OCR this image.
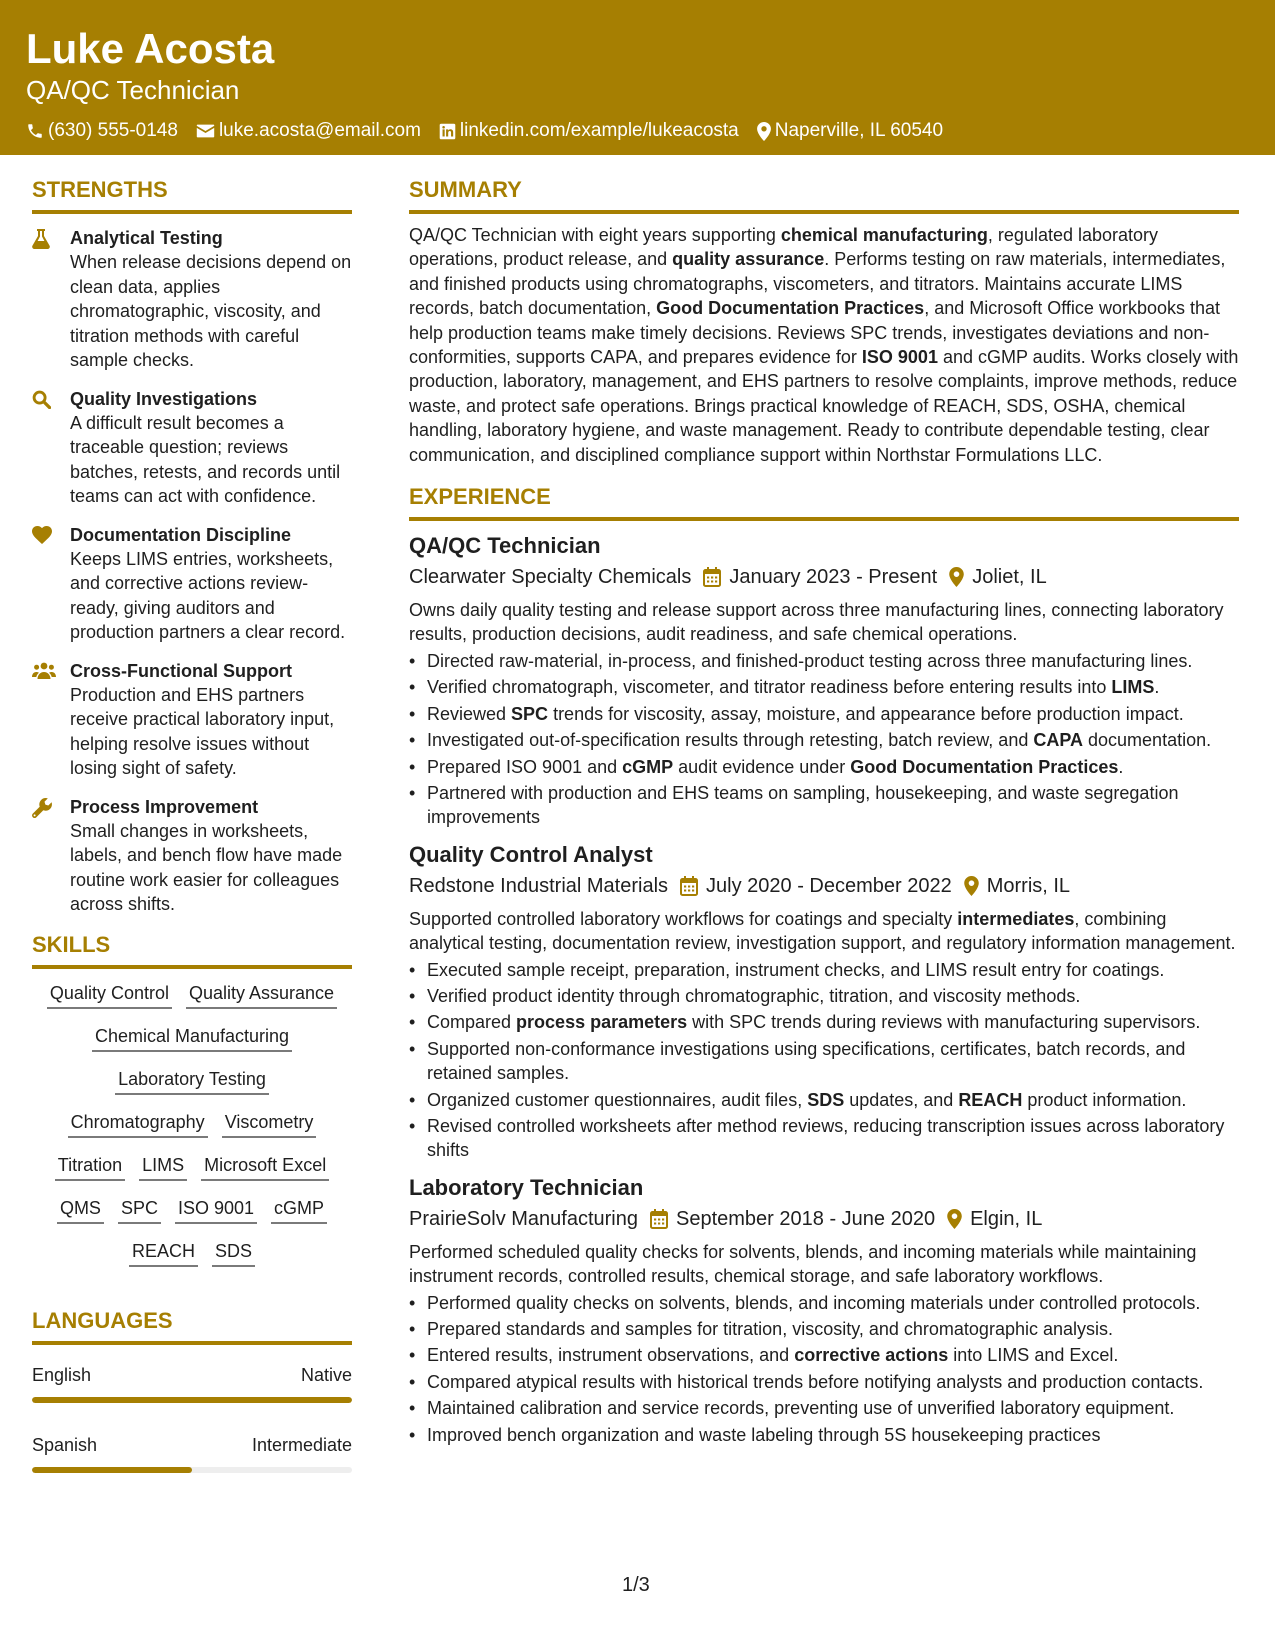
Luke Acosta
QA/QC Technician
(630) 555-0148 luke.acosta@email.com linkedin.com/example/lukeacosta Naperville, IL 60540
STRENGTHS
Analytical Testing
When release decisions depend on clean data, applies chromatographic, viscosity, and titration methods with careful sample checks.
Quality Investigations
A difficult result becomes a traceable question; reviews batches, retests, and records until teams can act with confidence.
Documentation Discipline
Keeps LIMS entries, worksheets, and corrective actions review-ready, giving auditors and production partners a clear record.
Cross-Functional Support
Production and EHS partners receive practical laboratory input, helping resolve issues without losing sight of safety.
Process Improvement
Small changes in worksheets, labels, and bench flow have made routine work easier for colleagues across shifts.
SKILLS
Quality Control Quality Assurance
Chemical Manufacturing
Laboratory Testing
Chromatography Viscometry
Titration LIMS Microsoft Excel
QMS SPC ISO 9001 cGMP
REACH SDS
LANGUAGES
English	Native
Spanish	Intermediate
SUMMARY
QA/QC Technician with eight years supporting chemical manufacturing, regulated laboratory operations, product release, and quality assurance. Performs testing on raw materials, intermediates, and finished products using chromatographs, viscometers, and titrators. Maintains accurate LIMS records, batch documentation, Good Documentation Practices, and Microsoft Office workbooks that help production teams make timely decisions. Reviews SPC trends, investigates deviations and non-conformities, supports CAPA, and prepares evidence for ISO 9001 and cGMP audits. Works closely with production, laboratory, management, and EHS partners to resolve complaints, improve methods, reduce waste, and protect safe operations. Brings practical knowledge of REACH, SDS, OSHA, chemical handling, laboratory hygiene, and waste management. Ready to contribute dependable testing, clear communication, and disciplined compliance support within Northstar Formulations LLC.
EXPERIENCE
QA/QC Technician
Clearwater Specialty Chemicals January 2023 - Present Joliet, IL
Owns daily quality testing and release support across three manufacturing lines, connecting laboratory results, production decisions, audit readiness, and safe chemical operations.
• Directed raw-material, in-process, and finished-product testing across three manufacturing lines.
• Verified chromatograph, viscometer, and titrator readiness before entering results into LIMS.
• Reviewed SPC trends for viscosity, assay, moisture, and appearance before production impact.
• Investigated out-of-specification results through retesting, batch review, and CAPA documentation.
• Prepared ISO 9001 and cGMP audit evidence under Good Documentation Practices.
• Partnered with production and EHS teams on sampling, housekeeping, and waste segregation improvements
Quality Control Analyst
Redstone Industrial Materials July 2020 - December 2022 Morris, IL
Supported controlled laboratory workflows for coatings and specialty intermediates, combining analytical testing, documentation review, investigation support, and regulatory information management.
• Executed sample receipt, preparation, instrument checks, and LIMS result entry for coatings.
• Verified product identity through chromatographic, titration, and viscosity methods.
• Compared process parameters with SPC trends during reviews with manufacturing supervisors.
• Supported non-conformance investigations using specifications, certificates, batch records, and retained samples.
• Organized customer questionnaires, audit files, SDS updates, and REACH product information.
• Revised controlled worksheets after method reviews, reducing transcription issues across laboratory shifts
Laboratory Technician
PrairieSolv Manufacturing September 2018 - June 2020 Elgin, IL
Performed scheduled quality checks for solvents, blends, and incoming materials while maintaining instrument records, controlled results, chemical storage, and safe laboratory workflows.
• Performed quality checks on solvents, blends, and incoming materials under controlled protocols.
• Prepared standards and samples for titration, viscosity, and chromatographic analysis.
• Entered results, instrument observations, and corrective actions into LIMS and Excel.
• Compared atypical results with historical trends before notifying analysts and production contacts.
• Maintained calibration and service records, preventing use of unverified laboratory equipment.
• Improved bench organization and waste labeling through 5S housekeeping practices
1/3
